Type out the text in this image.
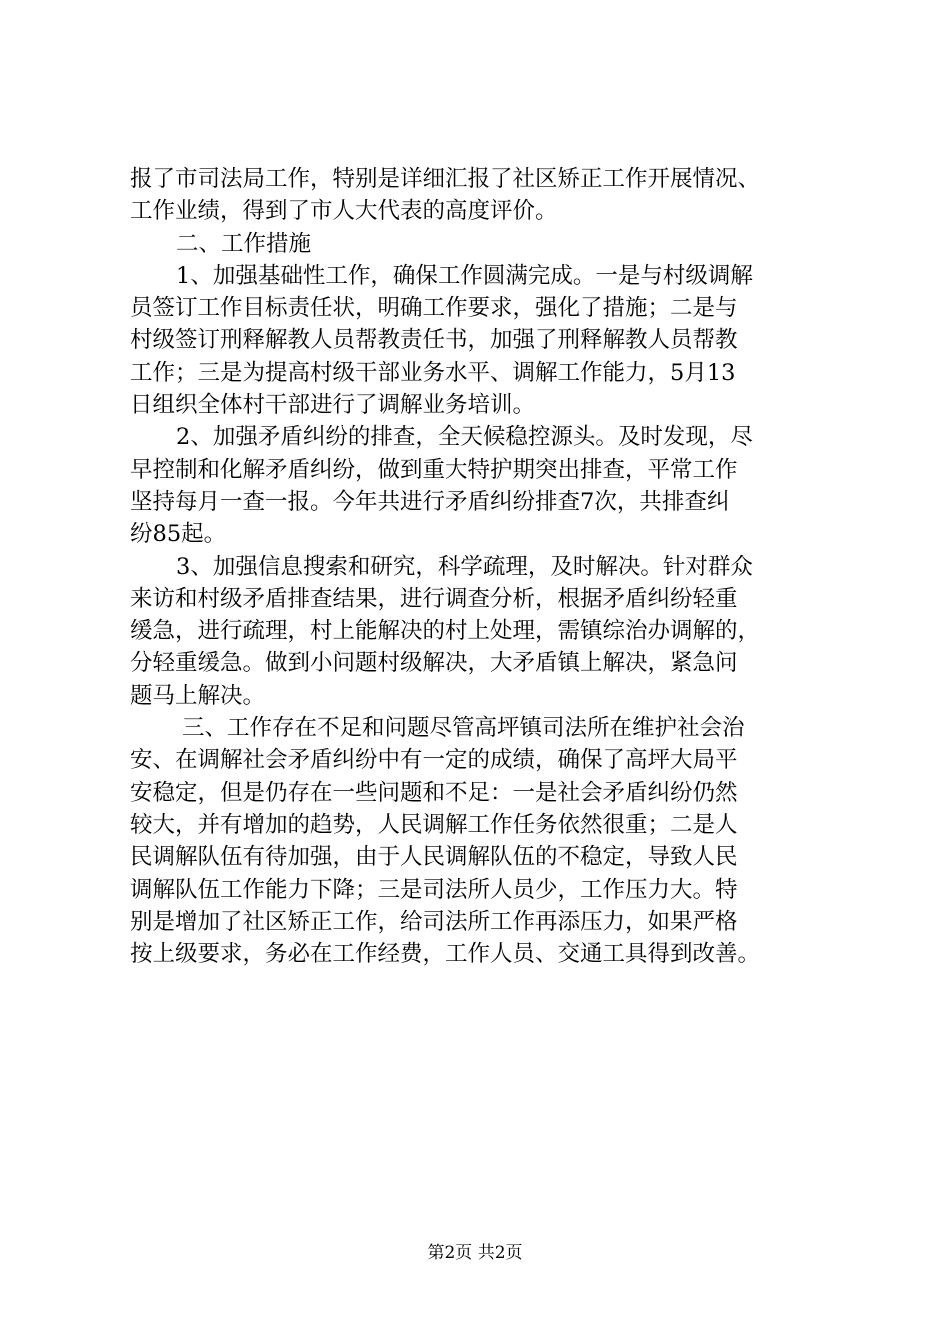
报了市司法局工作，特别是详细汇报了社区矫正工作开展情况、
工作业绩，得到了市人大代表的高度评价。
二、工作措施
1、加强基础性工作，确保工作圆满完成。一是与村级调解
员签订工作目标责任状，明确工作要求，强化了措施；二是与
村级签订刑释解教人员帮教责任书，加强了刑释解教人员帮教
工作；三是为提高村级干部业务水平、调解工作能力，5月13
日组织全体村干部进行了调解业务培训。
2、加强矛盾纠纷的排查，全天候稳控源头。及时发现，尽
早控制和化解矛盾纠纷，做到重大特护期突出排查，平常工作
坚持每月一查一报。今年共进行矛盾纠纷排查7次，共排查纠
纷85起。
3、加强信息搜索和研究，科学疏理，及时解决。针对群众
来访和村级矛盾排查结果，进行调查分析，根据矛盾纠纷轻重
缓急，进行疏理，村上能解决的村上处理，需镇综治办调解的，
分轻重缓急。做到小问题村级解决，大矛盾镇上解决，紧急问
题马上解决。
三、工作存在不足和问题尽管高坪镇司法所在维护社会治
安、在调解社会矛盾纠纷中有一定的成绩，确保了高坪大局平
安稳定，但是仍存在一些问题和不足：一是社会矛盾纠纷仍然
较大，并有增加的趋势，人民调解工作任务依然很重；二是人
民调解队伍有待加强，由于人民调解队伍的不稳定，导致人民
调解队伍工作能力下降；三是司法所人员少，工作压力大。特
别是增加了社区矫正工作，给司法所工作再添压力，如果严格
按上级要求，务必在工作经费，工作人员、交通工具得到改善。
第2页 共2页
